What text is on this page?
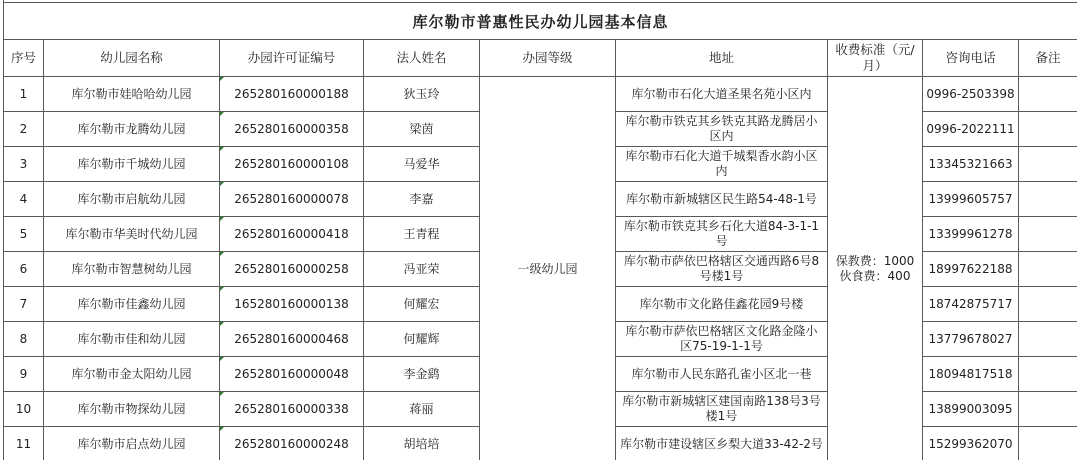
库尔勒市普惠性民办幼儿园基本信息								
序号	幼儿园名称	办园许可证编号	法人姓名	办园等级	地址	收费标准（元/月）	咨询电话	备注
1	库尔勒市娃哈哈幼儿园	265280160000188	狄玉玲	一级幼儿园	库尔勒市石化大道圣果名苑小区内	保教费：1000
伙食费：400	0996-2503398	
2	库尔勒市龙腾幼儿园	265280160000358	梁茵		库尔勒市铁克其乡铁克其路龙腾居小区内		0996-2022111	
3	库尔勒市千城幼儿园	265280160000108	马爱华		库尔勒市石化大道千城梨香水韵小区内		13345321663	
4	库尔勒市启航幼儿园	265280160000078	李嘉		库尔勒市新城辖区民生路54-48-1号		13999605757	
5	库尔勒市华美时代幼儿园	265280160000418	王青程		库尔勒市铁克其乡石化大道84-3-1-1号		13399961278	
6	库尔勒市智慧树幼儿园	265280160000258	冯亚荣		库尔勒市萨依巴格辖区交通西路6号8号楼1号		18997622188	
7	库尔勒市佳鑫幼儿园	165280160000138	何耀宏		库尔勒市文化路佳鑫花园9号楼		18742875717	
8	库尔勒市佳和幼儿园	265280160000468	何耀辉		库尔勒市萨依巴格辖区文化路金隆小区75-19-1-1号		13779678027	
9	库尔勒市金太阳幼儿园	265280160000048	李金鹞		库尔勒市人民东路孔雀小区北一巷		18094817518	
10	库尔勒市物探幼儿园	265280160000338	蒋丽		库尔勒市新城辖区建国南路138号3号楼1号		13899003095	
11	库尔勒市启点幼儿园	265280160000248	胡培培		库尔勒市建设辖区乡梨大道33-42-2号		15299362070	
